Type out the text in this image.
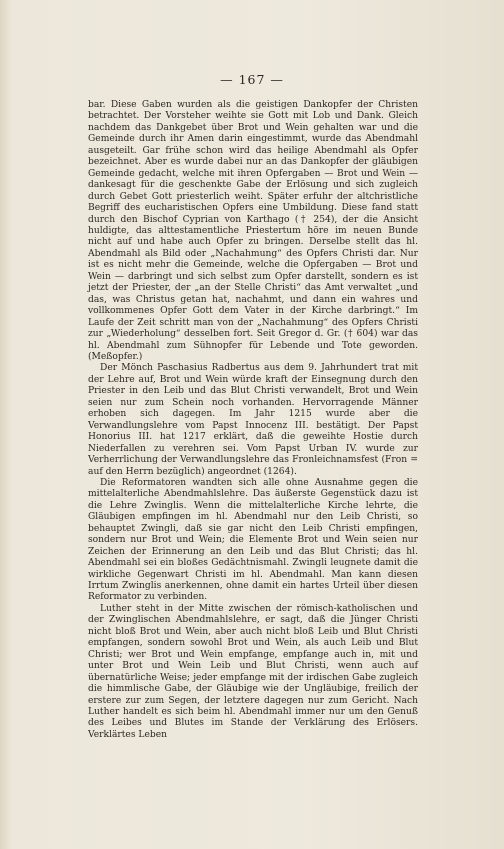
— 167 —

bar. Diese Gaben wurden als die geistigen Dankopfer der Christen betrachtet. Der Vorsteher weihte sie Gott mit Lob und Dank. Gleich nachdem das Dankgebet über Brot und Wein gehalten war und die Gemeinde durch ihr Amen darin eingestimmt, wurde das Abendmahl ausgeteilt. Gar frühe schon wird das heilige Abendmahl als Opfer bezeichnet. Aber es wurde dabei nur an das Dankopfer der gläubigen Gemeinde gedacht, welche mit ihren Opfergaben — Brot und Wein — dankesagt für die geschenkte Gabe der Erlösung und sich zugleich durch Gebet Gott priesterlich weiht. Später erfuhr der altchristliche Begriff des eucharistischen Opfers eine Umbildung. Diese fand statt durch den Bischof Cyprian von Karthago († 254), der die Ansicht huldigte, das alttestamentliche Priestertum höre im neuen Bunde nicht auf und habe auch Opfer zu bringen. Derselbe stellt das hl. Abendmahl als Bild oder „Nachahmung“ des Opfers Christi dar. Nur ist es nicht mehr die Gemeinde, welche die Opfergaben — Brot und Wein — darbringt und sich selbst zum Opfer darstellt, sondern es ist jetzt der Priester, der „an der Stelle Christi“ das Amt verwaltet „und das, was Christus getan hat, nachahmt, und dann ein wahres und vollkommenes Opfer Gott dem Vater in der Kirche darbringt.“ Im Laufe der Zeit schritt man von der „Nachahmung“ des Opfers Christi zur „Wiederholung“ desselben fort. Seit Gregor d. Gr. († 604) war das hl. Abendmahl zum Sühnopfer für Lebende und Tote geworden. (Meßopfer.)

Der Mönch Paschasius Radbertus aus dem 9. Jahrhundert trat mit der Lehre auf, Brot und Wein würde kraft der Einsegnung durch den Priester in den Leib und das Blut Christi verwandelt, Brot und Wein seien nur zum Schein noch vorhanden. Hervorragende Männer erhoben sich dagegen. Im Jahr 1215 wurde aber die Verwandlungslehre vom Papst Innocenz III. bestätigt. Der Papst Honorius III. hat 1217 erklärt, daß die geweihte Hostie durch Niederfallen zu verehren sei. Vom Papst Urban IV. wurde zur Verherrlichung der Verwandlungslehre das Fronleichnamsfest (Fron = auf den Herrn bezüglich) angeordnet (1264).

Die Reformatoren wandten sich alle ohne Ausnahme gegen die mittelalterliche Abendmahlslehre. Das äußerste Gegenstück dazu ist die Lehre Zwinglis. Wenn die mittelalterliche Kirche lehrte, die Gläubigen empfingen im hl. Abendmahl nur den Leib Christi, so behauptet Zwingli, daß sie gar nicht den Leib Christi empfingen, sondern nur Brot und Wein; die Elemente Brot und Wein seien nur Zeichen der Erinnerung an den Leib und das Blut Christi; das hl. Abendmahl sei ein bloßes Gedächtnismahl. Zwingli leugnete damit die wirkliche Gegenwart Christi im hl. Abendmahl. Man kann diesen Irrtum Zwinglis anerkennen, ohne damit ein hartes Urteil über diesen Reformator zu verbinden.

Luther steht in der Mitte zwischen der römisch-katholischen und der Zwinglischen Abendmahlslehre, er sagt, daß die Jünger Christi nicht bloß Brot und Wein, aber auch nicht bloß Leib und Blut Christi empfangen, sondern sowohl Brot und Wein, als auch Leib und Blut Christi; wer Brot und Wein empfange, empfange auch in, mit und unter Brot und Wein Leib und Blut Christi, wenn auch auf übernatürliche Weise; jeder empfange mit der irdischen Gabe zugleich die himmlische Gabe, der Gläubige wie der Ungläubige, freilich der erstere zur zum Segen, der letztere dagegen nur zum Gericht. Nach Luther handelt es sich beim hl. Abendmahl immer nur um den Genuß des Leibes und Blutes im Stande der Verklärung des Erlösers. Verklärtes Leben
